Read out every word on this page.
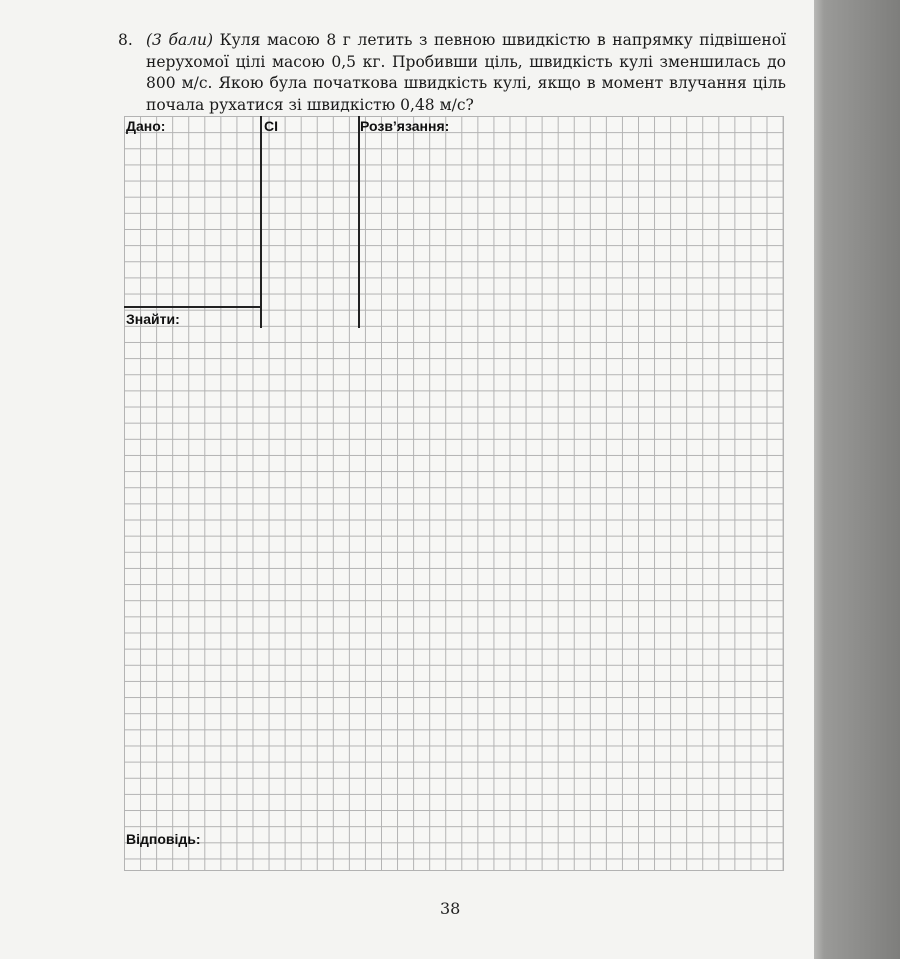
8. (3 бали) Куля масою 8 г летить з певною швидкістю в напрямку підвішеної нерухомої цілі масою 0,5 кг. Пробивши ціль, швидкість кулі зменшилась до 800 м/с. Якою була початкова швидкість кулі, якщо в момент влучання ціль почала рухатися зі швидкістю 0,48 м/с?
Дано:	СІ	Розв’язання:
Знайти:
Відповідь:
38
